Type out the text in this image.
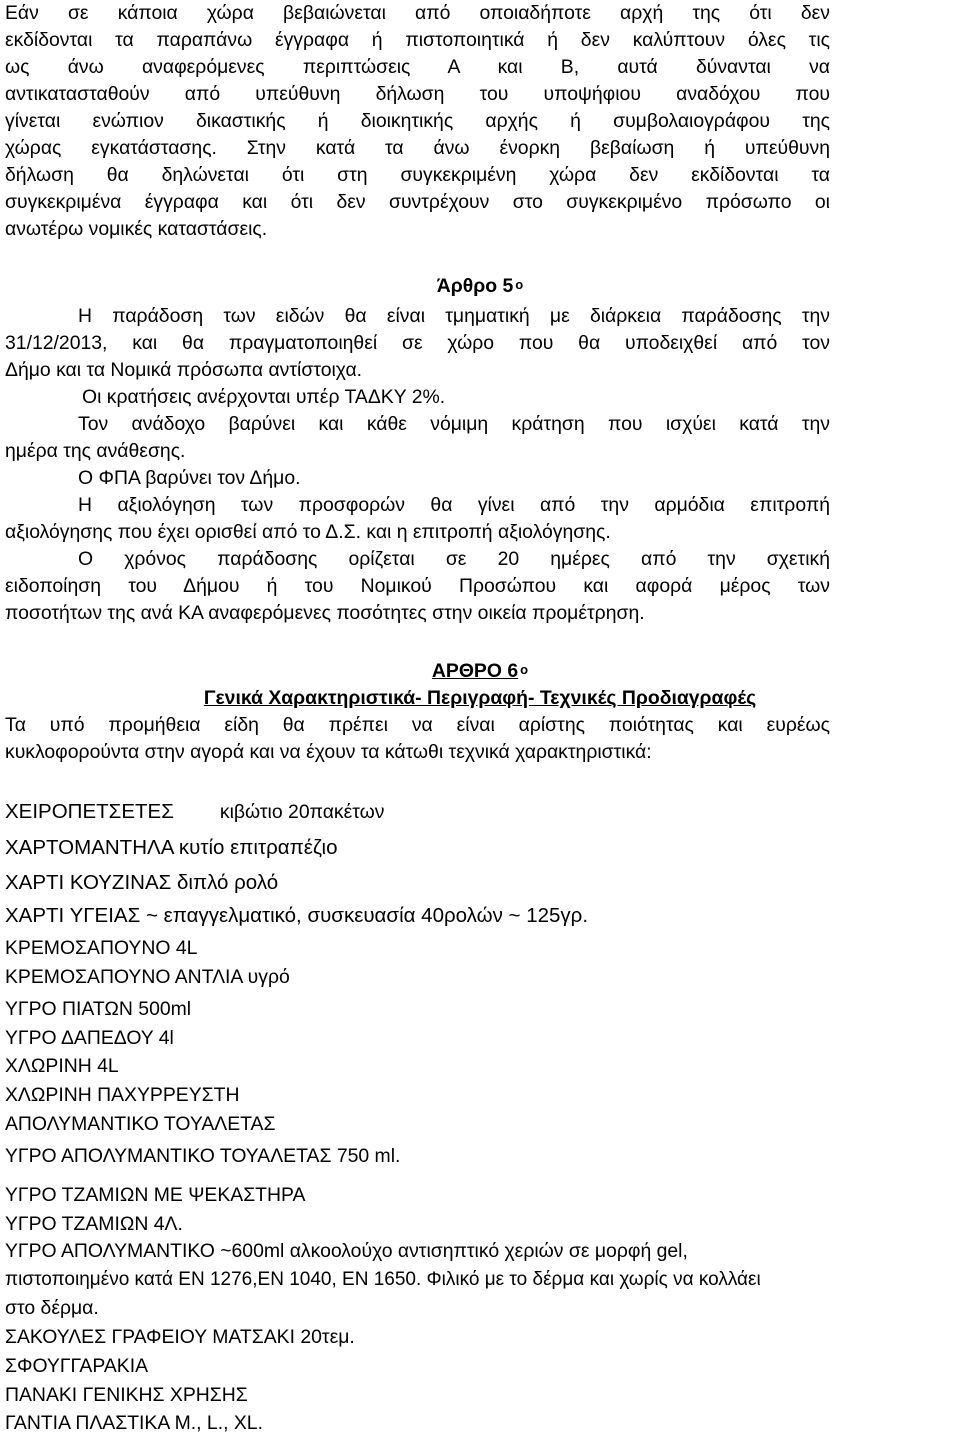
Εάν σε κάποια χώρα βεβαιώνεται από οποιαδήποτε αρχή της ότι δεν
εκδίδονται τα παραπάνω έγγραφα ή πιστοποιητικά ή δεν καλύπτουν όλες τις
ως άνω αναφερόμενες περιπτώσεις Α και Β, αυτά δύνανται να
αντικατασταθούν από υπεύθυνη δήλωση του υποψήφιου αναδόχου που
γίνεται ενώπιον δικαστικής ή διοικητικής αρχής ή συμβολαιογράφου της
χώρας εγκατάστασης. Στην κατά τα άνω ένορκη βεβαίωση ή υπεύθυνη
δήλωση θα δηλώνεται ότι στη συγκεκριμένη χώρα δεν εκδίδονται τα
συγκεκριμένα έγγραφα και ότι δεν συντρέχουν στο συγκεκριμένο πρόσωπο οι
ανωτέρω νομικές καταστάσεις.
Άρθρο 5 $^o$
Η παράδοση των ειδών θα είναι τμηματική με διάρκεια παράδοσης την
31/12/2013, και θα πραγματοποιηθεί σε χώρο που θα υποδειχθεί από τον
Δήμο και τα Νομικά πρόσωπα αντίστοιχα.
Οι κρατήσεις ανέρχονται υπέρ ΤΑΔΚΥ 2%.
Τον ανάδοχο βαρύνει και κάθε νόμιμη κράτηση που ισχύει κατά την
ημέρα της ανάθεσης.
Ο ΦΠΑ βαρύνει τον Δήμο.
Η αξιολόγηση των προσφορών θα γίνει από την αρμόδια επιτροπή
αξιολόγησης που έχει ορισθεί από το Δ.Σ. και η επιτροπή αξιολόγησης.
Ο χρόνος παράδοσης ορίζεται σε 20 ημέρες από την σχετική
ειδοποίηση του Δήμου ή του Νομικού Προσώπου και αφορά μέρος των
ποσοτήτων της ανά ΚΑ αναφερόμενες ποσότητες στην οικεία προμέτρηση.
ΑΡΘΡΟ 6 $^o$
Γενικά Χαρακτηριστικά- Περιγραφή- Τεχνικές Προδιαγραφές
Τα υπό προμήθεια είδη θα πρέπει να είναι αρίστης ποιότητας και ευρέως
κυκλοφορούντα στην αγορά και να έχουν τα κάτωθι τεχνικά χαρακτηριστικά:
ΧΕΙΡΟΠΕΤΣΕΤΕΣ κιβώτιο 20πακέτων
ΧΑΡΤΟΜΑΝΤΗΛΑ κυτίο επιτραπέζιο
ΧΑΡΤΙ ΚΟΥΖΙΝΑΣ διπλό ρολό
ΧΑΡΤΙ ΥΓΕΙΑΣ ~ επαγγελματικό, συσκευασία 40ρολών ~ 125γρ.
ΚΡΕΜΟΣΑΠΟΥΝΟ 4L
ΚΡΕΜΟΣΑΠΟΥΝΟ ΑΝΤΛΙΑ υγρό
ΥΓΡΟ ΠΙΑΤΩΝ 500ml
ΥΓΡΟ ΔΑΠΕΔΟΥ 4l
ΧΛΩΡΙΝΗ 4L
ΧΛΩΡΙΝΗ ΠΑΧΥΡΡΕΥΣΤΗ
ΑΠΟΛΥΜΑΝΤΙΚΟ ΤΟΥΑΛΕΤΑΣ
ΥΓΡΟ ΑΠΟΛΥΜΑΝΤΙΚΟ ΤΟΥΑΛΕΤΑΣ 750 ml.
ΥΓΡΟ ΤΖΑΜΙΩΝ ΜΕ ΨΕΚΑΣΤΗΡΑ
ΥΓΡΟ ΤΖΑΜΙΩΝ 4Λ.
ΥΓΡΟ ΑΠΟΛΥΜΑΝΤΙΚΟ ~600ml αλκοολούχο αντισηπτικό χεριών σε μορφή gel,
πιστοποιημένο κατά ΕΝ 1276,ΕΝ 1040, ΕΝ 1650. Φιλικό με το δέρμα και χωρίς να κολλάει
στο δέρμα.
ΣΑΚΟΥΛΕΣ ΓΡΑΦΕΙΟΥ ΜΑΤΣΑΚΙ 20τεμ.
ΣΦΟΥΓΓΑΡΑΚΙΑ
ΠΑΝΑΚΙ ΓΕΝΙΚΗΣ ΧΡΗΣΗΣ
ΓΑΝΤΙΑ ΠΛΑΣΤΙΚΑ Μ., L., XL.
